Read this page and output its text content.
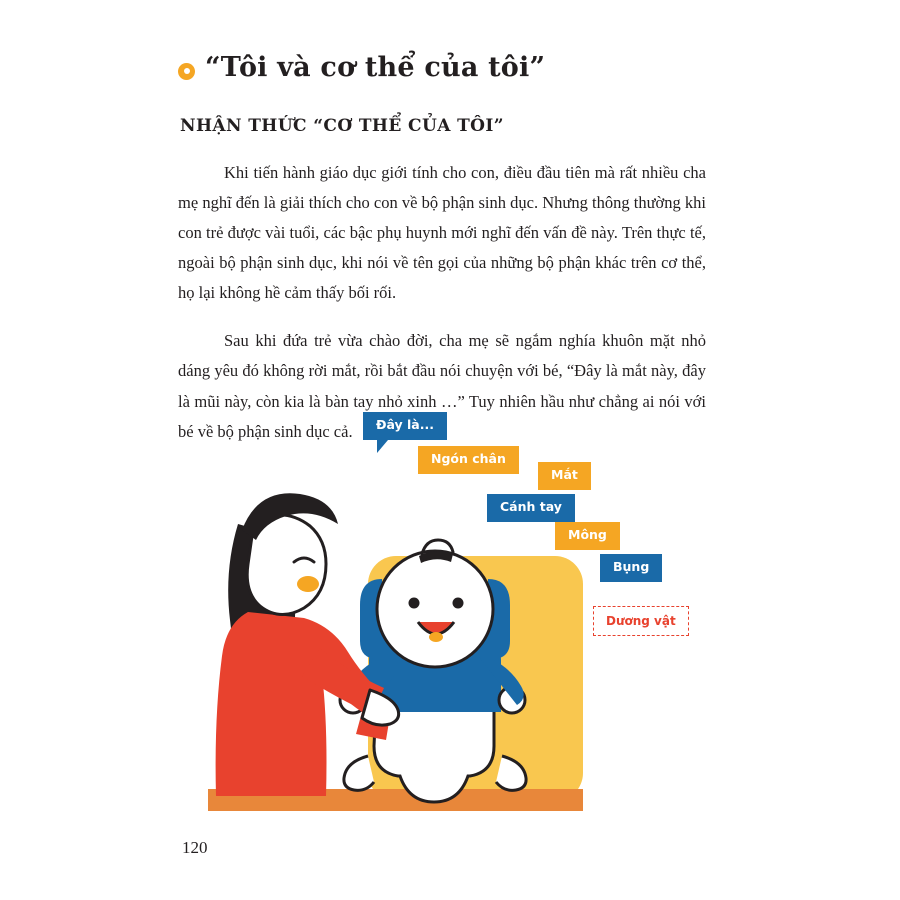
“Tôi và cơ thể của tôi”
NHẬN THỨC “CƠ THỂ CỦA TÔI”

Khi tiến hành giáo dục giới tính cho con, điều đầu tiên mà rất nhiều cha mẹ nghĩ đến là giải thích cho con về bộ phận sinh dục. Nhưng thông thường khi con trẻ được vài tuổi, các bậc phụ huynh mới nghĩ đến vấn đề này. Trên thực tế, ngoài bộ phận sinh dục, khi nói về tên gọi của những bộ phận khác trên cơ thể, họ lại không hề cảm thấy bối rối.

Sau khi đứa trẻ vừa chào đời, cha mẹ sẽ ngắm nghía khuôn mặt nhỏ dáng yêu đó không rời mắt, rồi bắt đầu nói chuyện với bé, “Đây là mắt này, đây là mũi này, còn kia là bàn tay nhỏ xinh …” Tuy nhiên hầu như chẳng ai nói với bé về bộ phận sinh dục cả.	Đây là...
Ngón chân
Mắt
Cánh tay
Mông
Bụng
Dương vật
120
